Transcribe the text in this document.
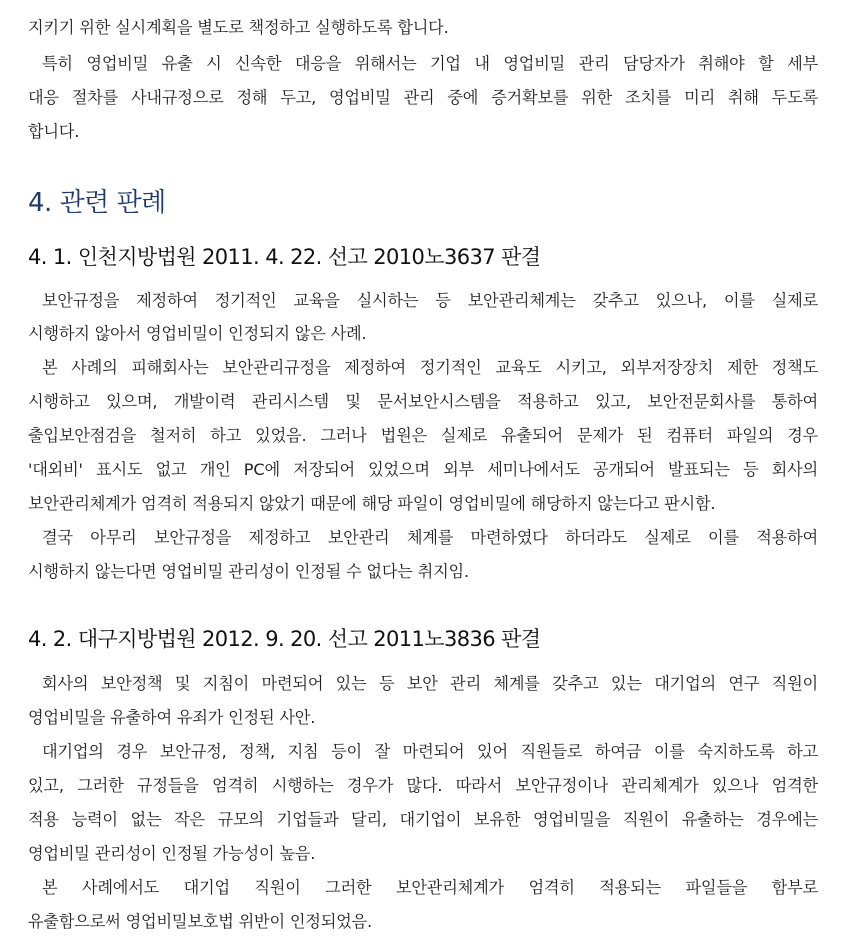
지키기 위한 실시계획을 별도로 책정하고 실행하도록 합니다.
특히 영업비밀 유출 시 신속한 대응을 위해서는 기업 내 영업비밀 관리 담당자가 취해야 할 세부
대응 절차를 사내규정으로 정해 두고, 영업비밀 관리 중에 증거확보를 위한 조치를 미리 취해 두도록
합니다.
4. 관련 판례
4. 1. 인천지방법원 2011. 4. 22. 선고 2010노3637 판결
보안규정을 제정하여 정기적인 교육을 실시하는 등 보안관리체계는 갖추고 있으나, 이를 실제로
시행하지 않아서 영업비밀이 인정되지 않은 사례.
본 사례의 피해회사는 보안관리규정을 제정하여 정기적인 교육도 시키고, 외부저장장치 제한 정책도
시행하고 있으며, 개발이력 관리시스템 및 문서보안시스템을 적용하고 있고, 보안전문회사를 통하여
출입보안점검을 철저히 하고 있었음. 그러나 법원은 실제로 유출되어 문제가 된 컴퓨터 파일의 경우
'대외비' 표시도 없고 개인 PC에 저장되어 있었으며 외부 세미나에서도 공개되어 발표되는 등 회사의
보안관리체계가 엄격히 적용되지 않았기 때문에 해당 파일이 영업비밀에 해당하지 않는다고 판시함.
결국 아무리 보안규정을 제정하고 보안관리 체계를 마련하였다 하더라도 실제로 이를 적용하여
시행하지 않는다면 영업비밀 관리성이 인정될 수 없다는 취지임.
4. 2. 대구지방법원 2012. 9. 20. 선고 2011노3836 판결
회사의 보안정책 및 지침이 마련되어 있는 등 보안 관리 체계를 갖추고 있는 대기업의 연구 직원이
영업비밀을 유출하여 유죄가 인정된 사안.
대기업의 경우 보안규정, 정책, 지침 등이 잘 마련되어 있어 직원들로 하여금 이를 숙지하도록 하고
있고, 그러한 규정들을 엄격히 시행하는 경우가 많다. 따라서 보안규정이나 관리체계가 있으나 엄격한
적용 능력이 없는 작은 규모의 기업들과 달리, 대기업이 보유한 영업비밀을 직원이 유출하는 경우에는
영업비밀 관리성이 인정될 가능성이 높음.
본 사례에서도 대기업 직원이 그러한 보안관리체계가 엄격히 적용되는 파일들을 함부로
유출함으로써 영업비밀보호법 위반이 인정되었음.
